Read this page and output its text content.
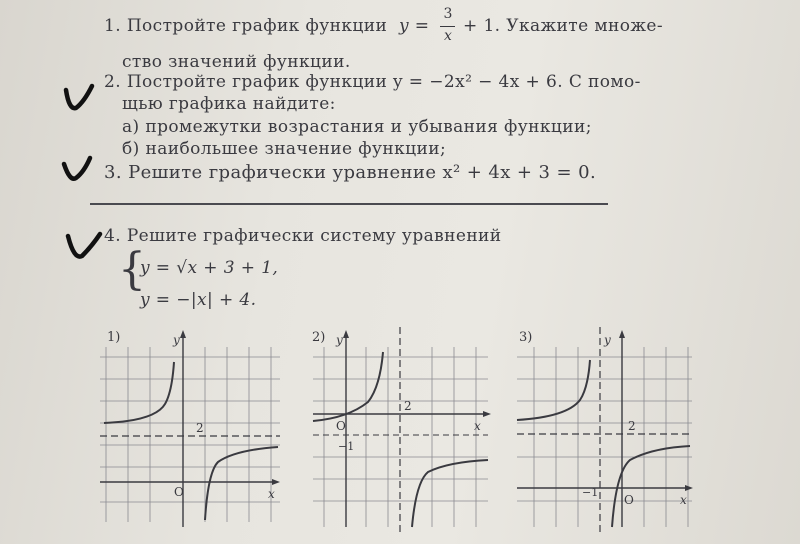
1. Постройте график функции y =
3
x + 1. Укажите множе-
ство значений функции.
2. Постройте график функции y = −2x² − 4x + 6. С помо-
щью графика найдите:
а) промежутки возрастания и убывания функции;
б) наибольшее значение функции;
3. Решите графически уравнение x² + 4x + 3 = 0.
4. Решите графически систему уравнений
{
y = √x + 3 + 1,
y = −|x| + 4.
1)	y
x
O
2
2) y
x
O
2
−1
3)	y
x
O
2
−1
